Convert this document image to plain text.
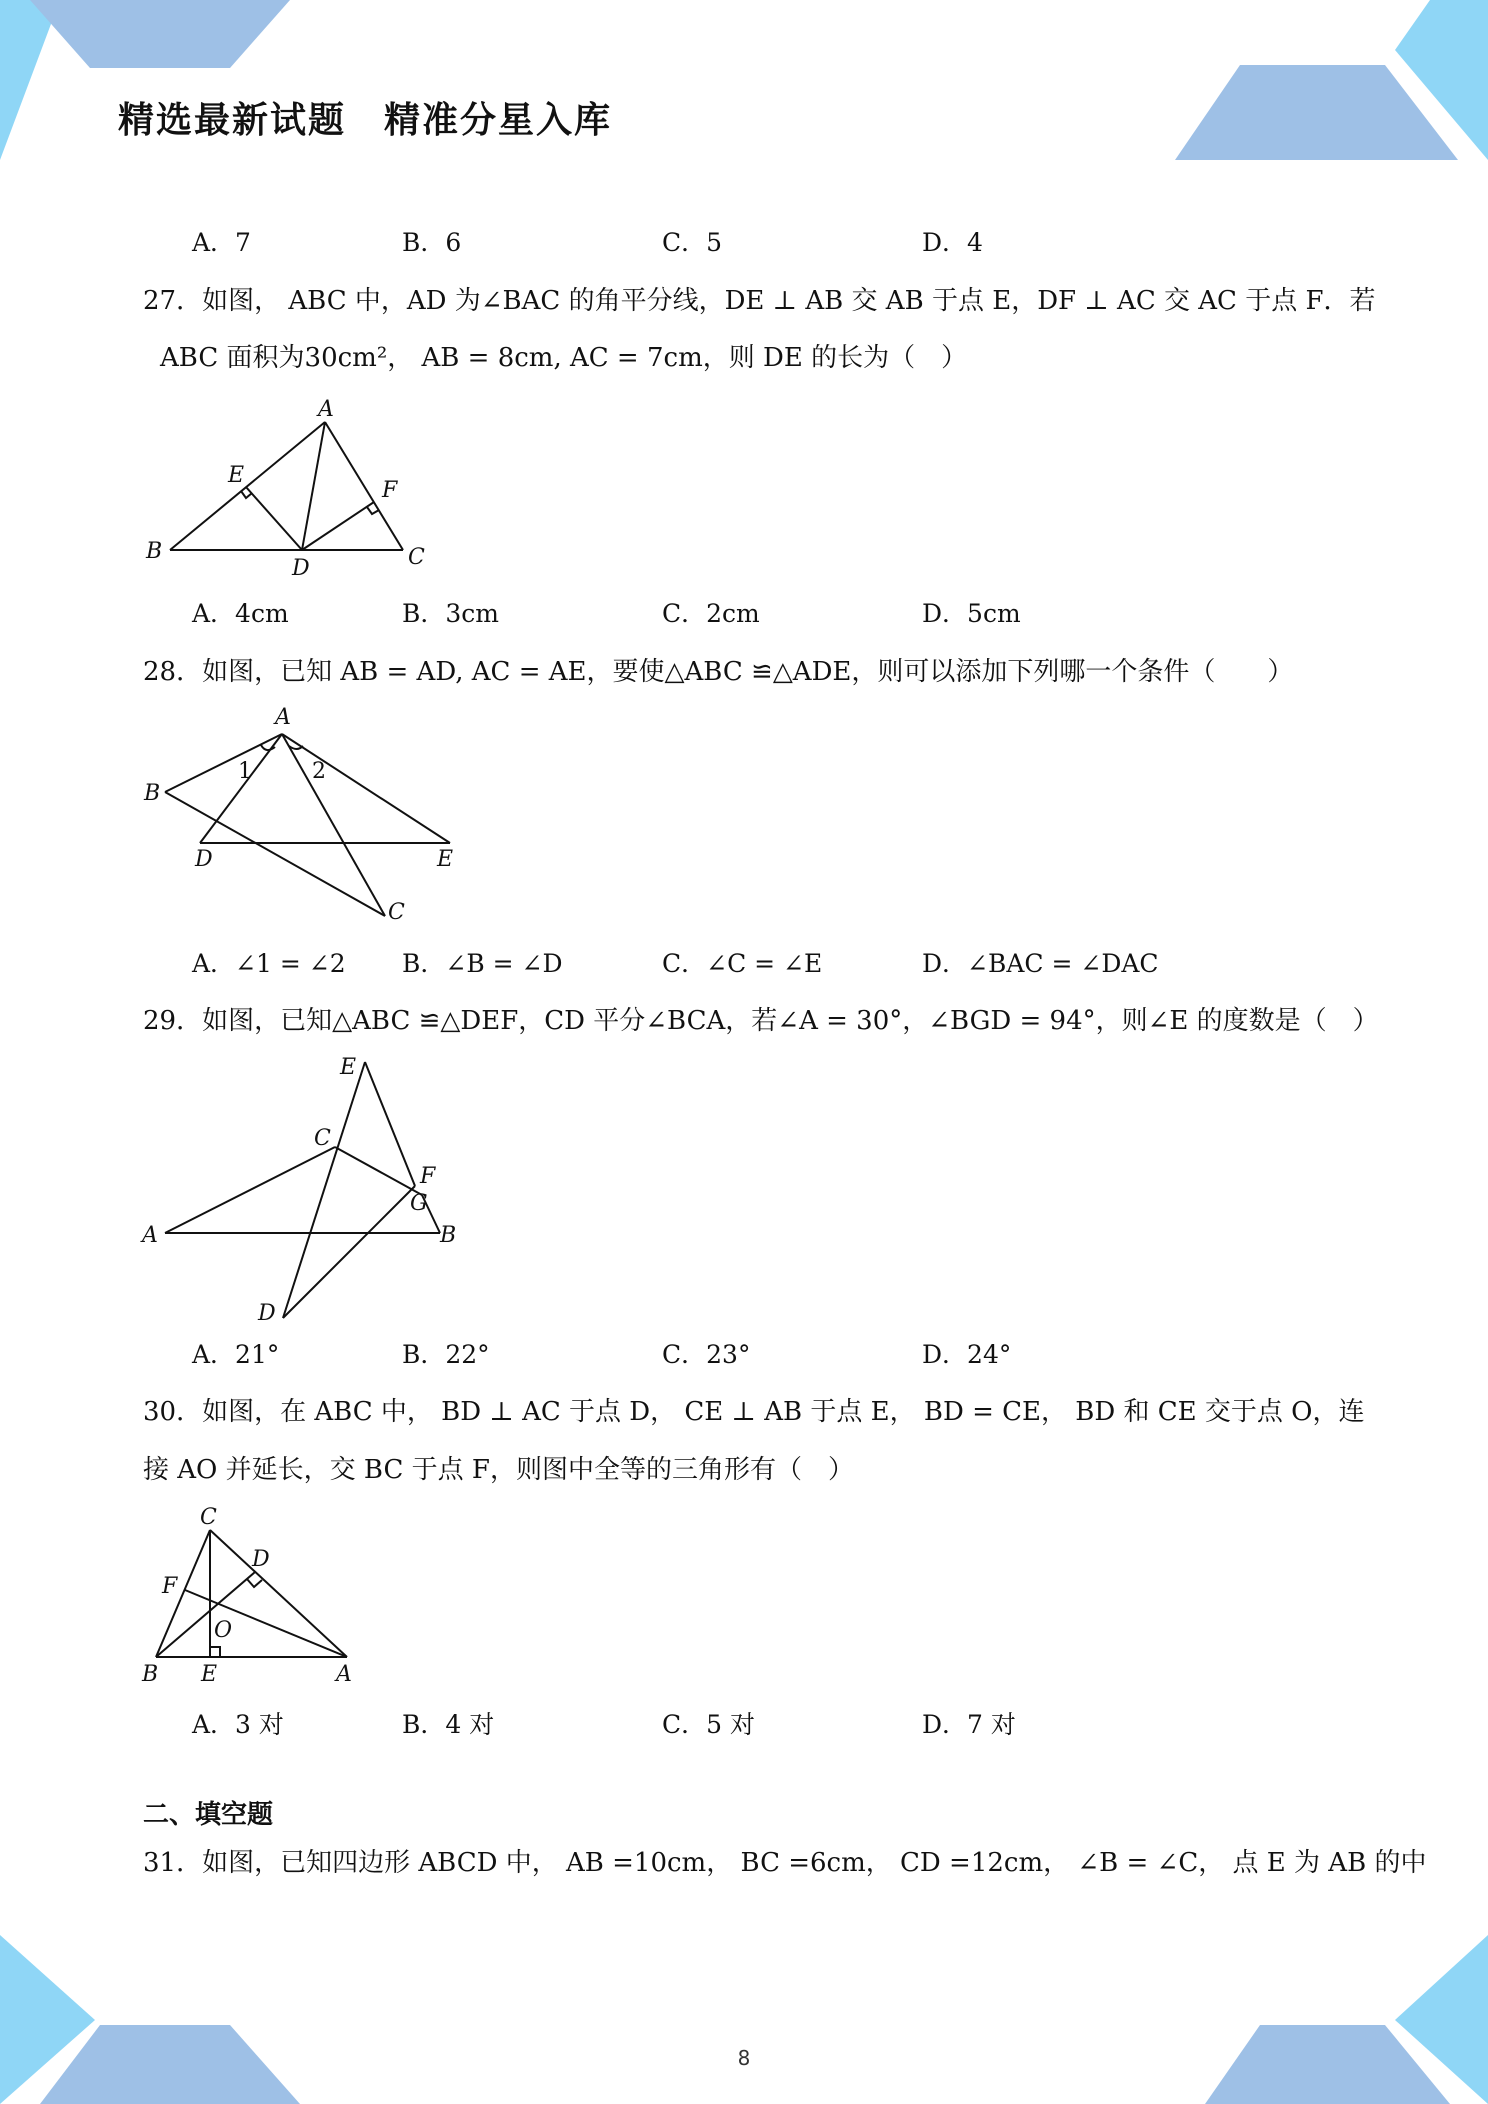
精选最新试题　精准分星入库
A．7	B．6	C．5	D．4
27．如图， ABC 中，AD 为∠BAC 的角平分线，DE ⊥ AB 交 AB 于点 E，DF ⊥ AC 交 AC 于点 F．若
ABC 面积为30cm²， AB = 8cm, AC = 7cm，则 DE 的长为（　）
A
B	C
D
E
F
A．4cm	B．3cm	C．2cm	D．5cm
28．如图，已知 AB = AD, AC = AE，要使△ABC ≌△ADE，则可以添加下列哪一个条件（　　）
A
B
C
D	E
1	2
A．∠1 = ∠2 B．∠B = ∠D	C．∠C = ∠E	D．∠BAC = ∠DAC
29．如图，已知△ABC ≌△DEF，CD 平分∠BCA，若∠A = 30°，∠BGD = 94°，则∠E 的度数是（　）
E
C
F
G
A	B
D
A．21°	B．22°	C．23°	D．24°
30．如图，在 ABC 中， BD ⊥ AC 于点 D， CE ⊥ AB 于点 E， BD = CE， BD 和 CE 交于点 O，连
接 AO 并延长，交 BC 于点 F，则图中全等的三角形有（　）
C
D
F
O
B E	A
A．3 对	B．4 对	C．5 对	D．7 对
二、填空题
31．如图，已知四边形 ABCD 中， AB =10cm， BC =6cm， CD =12cm， ∠B = ∠C， 点 E 为 AB 的中
8
